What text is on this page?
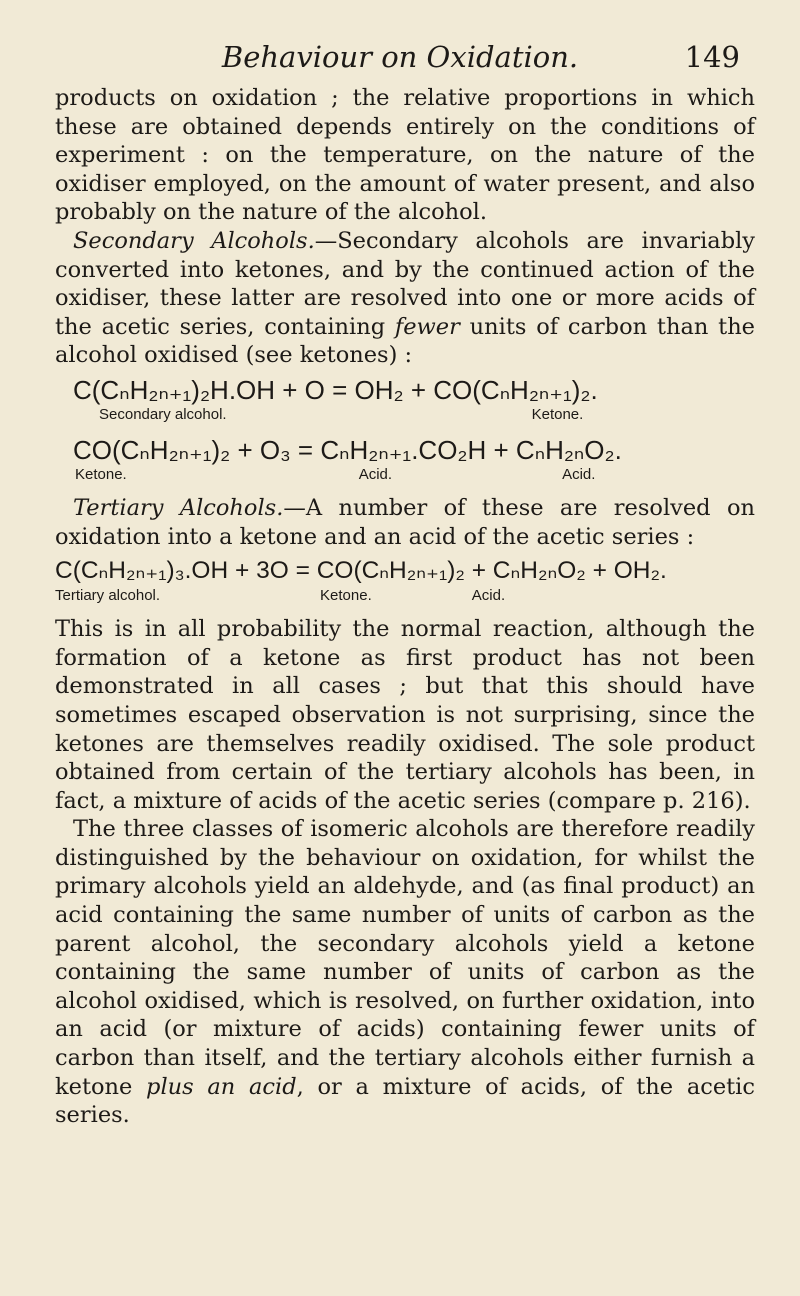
Behaviour on Oxidation.	149

products on oxidation ; the relative proportions in which these are obtained depends entirely on the conditions of experiment : on the temperature, on the nature of the oxidiser employed, on the amount of water present, and also probably on the nature of the alcohol.

Secondary Alcohols.—Secondary alcohols are invariably converted into ketones, and by the continued action of the oxidiser, these latter are resolved into one or more acids of the acetic series, containing fewer units of carbon than the alcohol oxidised (see ketones) :

C(CₙH₂ₙ₊₁)₂H.OH + O = OH₂ + CO(CₙH₂ₙ₊₁)₂.
Secondary alcohol.	Ketone.
CO(CₙH₂ₙ₊₁)₂ + O₃ = CₙH₂ₙ₊₁.CO₂H + CₙH₂ₙO₂.
Ketone.	Acid.	Acid.

Tertiary Alcohols.—A number of these are resolved on oxidation into a ketone and an acid of the acetic series :

C(CₙH₂ₙ₊₁)₃.OH + 3O = CO(CₙH₂ₙ₊₁)₂ + CₙH₂ₙO₂ + OH₂.
Tertiary alcohol.	Ketone.	Acid.

This is in all probability the normal reaction, although the formation of a ketone as first product has not been demonstrated in all cases ; but that this should have sometimes escaped observation is not surprising, since the ketones are themselves readily oxidised. The sole product obtained from certain of the tertiary alcohols has been, in fact, a mixture of acids of the acetic series (compare p. 216).

The three classes of isomeric alcohols are therefore readily distinguished by the behaviour on oxidation, for whilst the primary alcohols yield an aldehyde, and (as final product) an acid containing the same number of units of carbon as the parent alcohol, the secondary alcohols yield a ketone containing the same number of units of carbon as the alcohol oxidised, which is resolved, on further oxidation, into an acid (or mixture of acids) containing fewer units of carbon than itself, and the tertiary alcohols either furnish a ketone plus an acid, or a mixture of acids, of the acetic series.
